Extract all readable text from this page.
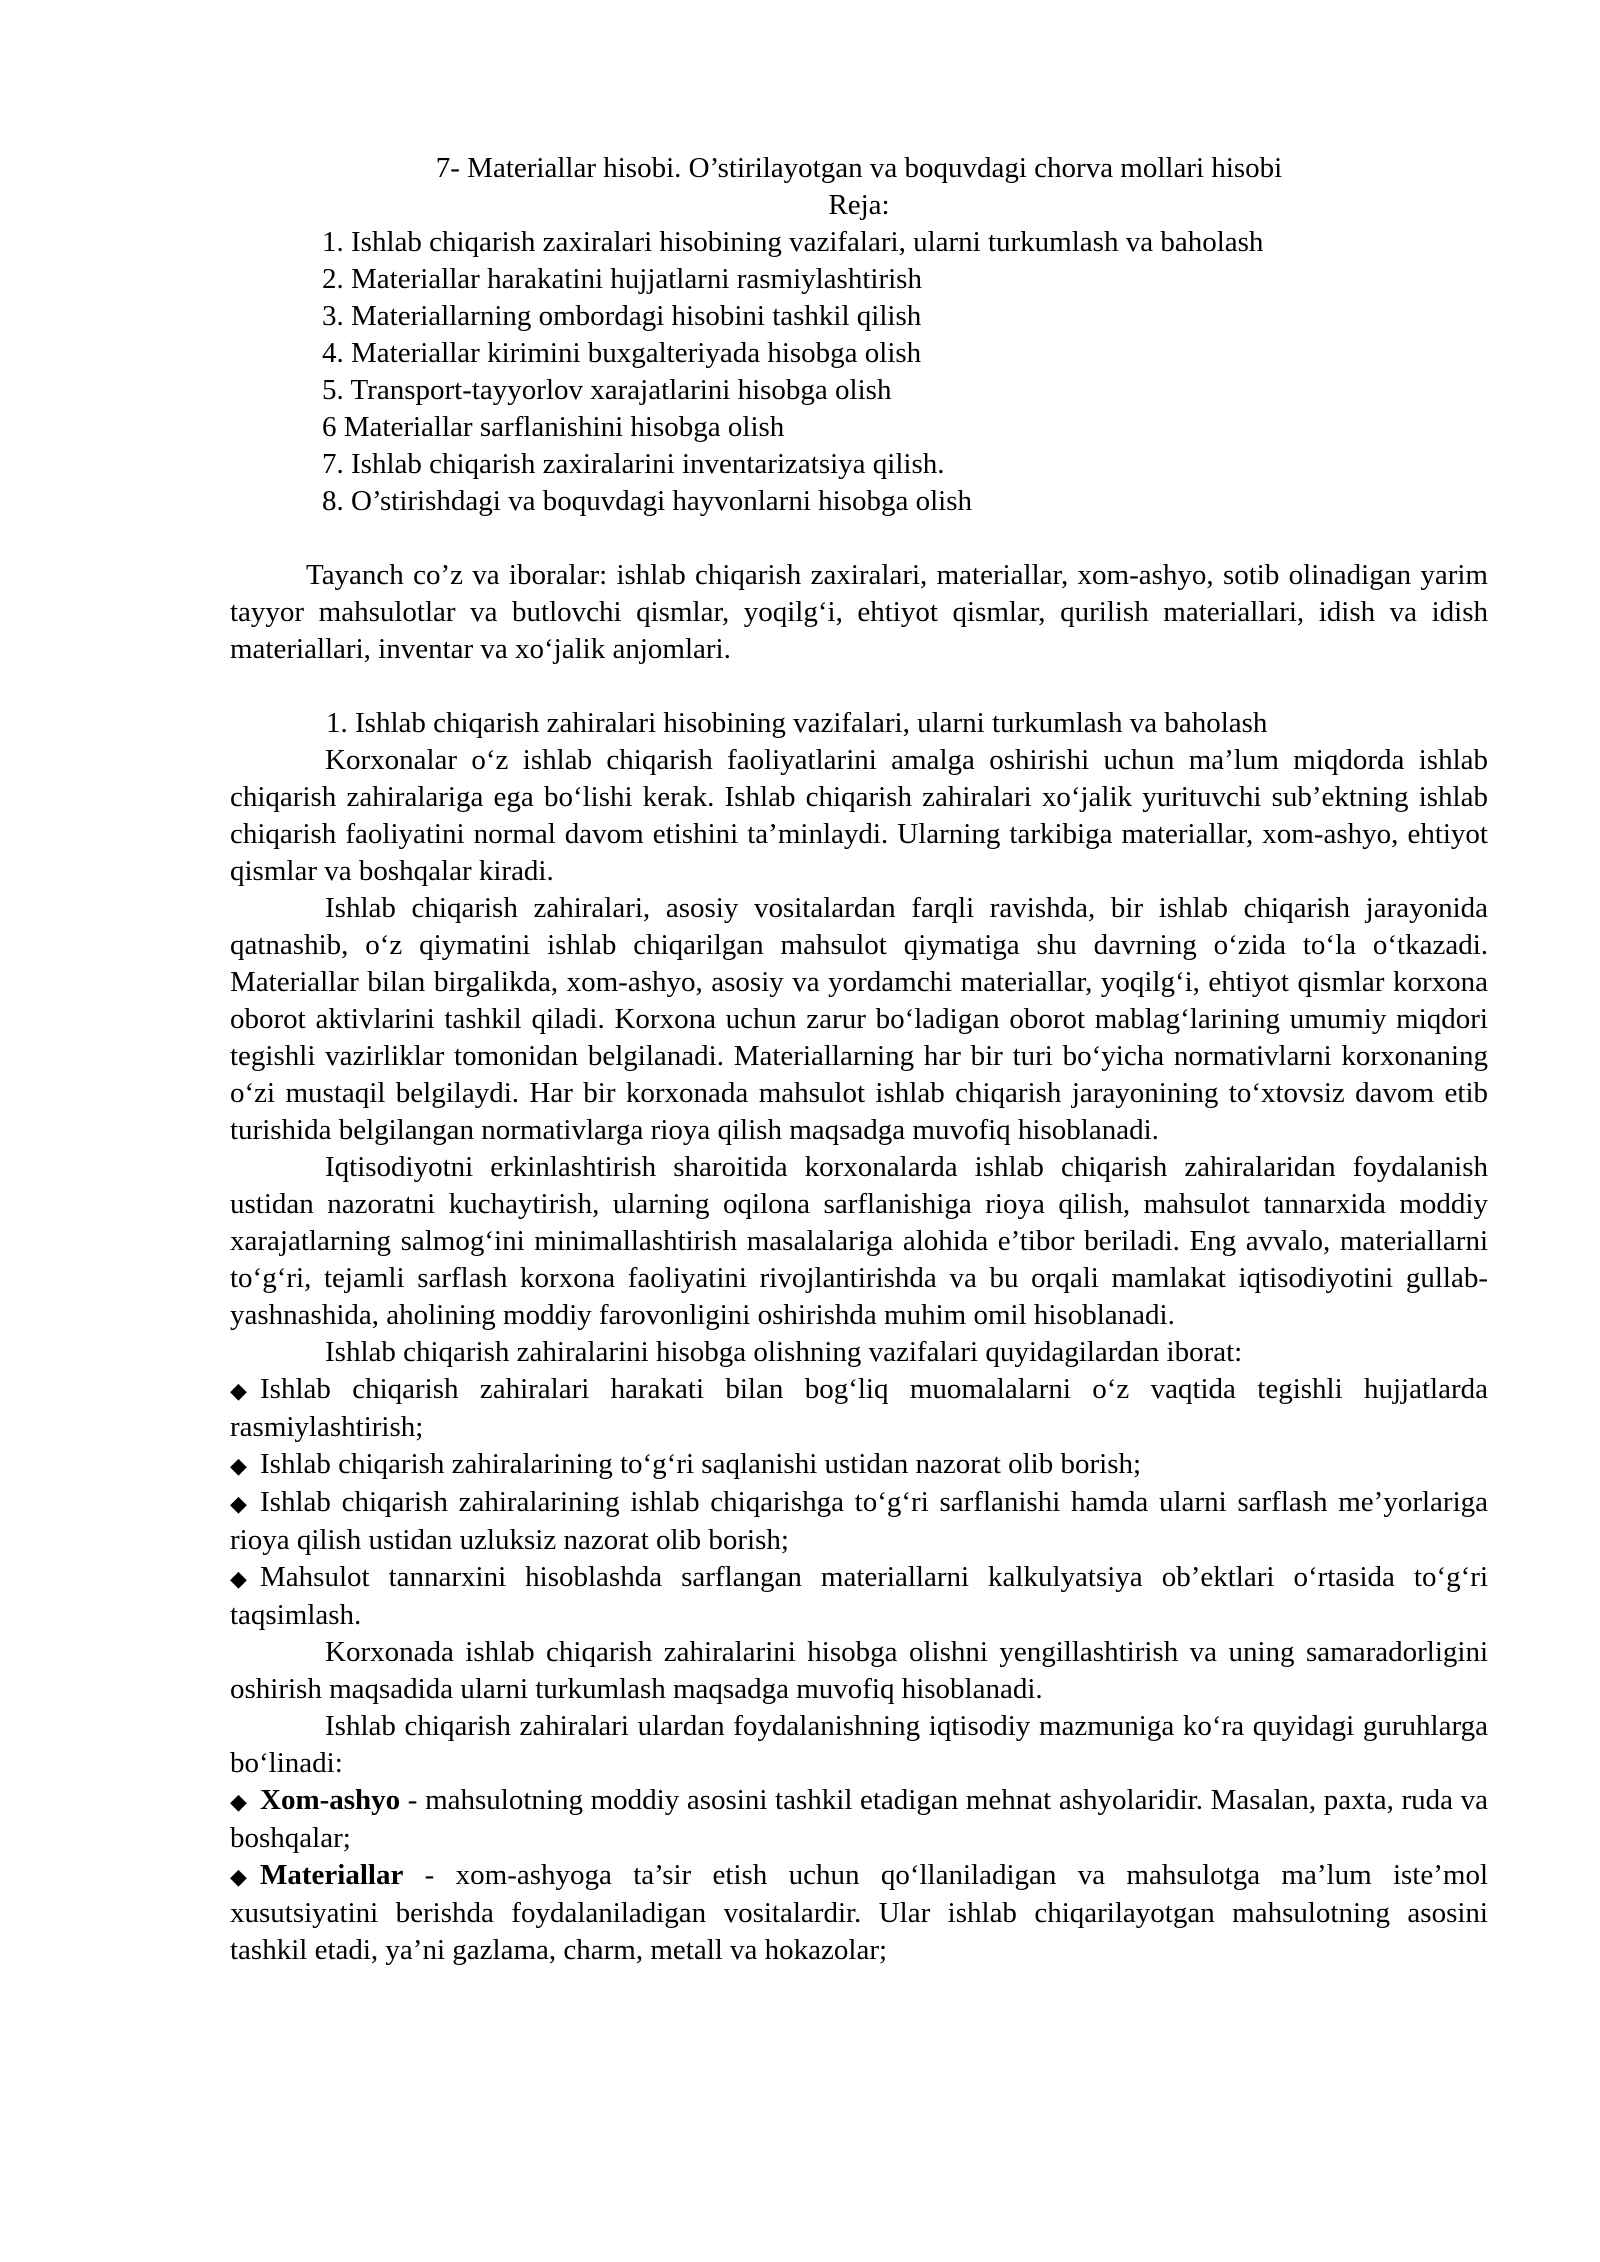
7- Materiallar hisobi. O’stirilayotgan va boquvdagi chorva mollari hisobi
Reja:
1. Ishlab chiqarish zaxiralari hisobining vazifalari, ularni turkumlash va baholash
2. Materiallar harakatini hujjatlarni rasmiylashtirish
3. Materiallarning ombordagi hisobini tashkil qilish
4. Materiallar kirimini buxgalteriyada hisobga olish
5. Transport-tayyorlov xarajatlarini hisobga olish
6 Materiallar sarflanishini hisobga olish
7. Ishlab chiqarish zaxiralarini inventarizatsiya qilish.
8. O’stirishdagi va boquvdagi hayvonlarni hisobga olish

Tayanch co’z va iboralar: ishlab chiqarish zaxiralari, materiallar, xom-ashyo, sotib olinadigan yarim tayyor mahsulotlar va butlovchi qismlar, yoqilg‘i, ehtiyot qismlar, qurilish materiallari, idish va idish materiallari, inventar va xo‘jalik anjomlari.

1. Ishlab chiqarish zahiralari hisobining vazifalari, ularni turkumlash va baholash

Korxonalar o‘z ishlab chiqarish faoliyatlarini amalga oshirishi uchun ma’lum miqdorda ishlab chiqarish zahiralariga ega bo‘lishi kerak. Ishlab chiqarish zahiralari xo‘jalik yurituvchi sub’ektning ishlab chiqarish faoliyatini normal davom etishini ta’minlaydi. Ularning tarkibiga materiallar, xom-ashyo, ehtiyot qismlar va boshqalar kiradi.

Ishlab chiqarish zahiralari, asosiy vositalardan farqli ravishda, bir ishlab chiqarish jarayonida qatnashib, o‘z qiymatini ishlab chiqarilgan mahsulot qiymatiga shu davrning o‘zida to‘la o‘tkazadi. Materiallar bilan birgalikda, xom-ashyo, asosiy va yordamchi materiallar, yoqilg‘i, ehtiyot qismlar korxona oborot aktivlarini tashkil qiladi. Korxona uchun zarur bo‘ladigan oborot mablag‘larining umumiy miqdori tegishli vazirliklar tomonidan belgilanadi. Materiallarning har bir turi bo‘yicha normativlarni korxonaning o‘zi mustaqil belgilaydi. Har bir korxonada mahsulot ishlab chiqarish jarayonining to‘xtovsiz davom etib turishida belgilangan normativlarga rioya qilish maqsadga muvofiq hisoblanadi.

Iqtisodiyotni erkinlashtirish sharoitida korxonalarda ishlab chiqarish zahiralaridan foydalanish ustidan nazoratni kuchaytirish, ularning oqilona sarflanishiga rioya qilish, mahsulot tannarxida moddiy xarajatlarning salmog‘ini minimallashtirish masalalariga alohida e’tibor beriladi. Eng avvalo, materiallarni to‘g‘ri, tejamli sarflash korxona faoliyatini rivojlantirishda va bu orqali mamlakat iqtisodiyotini gullab-yashnashida, aholining moddiy farovonligini oshirishda muhim omil hisoblanadi.

Ishlab chiqarish zahiralarini hisobga olishning vazifalari quyidagilardan iborat:

◆ Ishlab chiqarish zahiralari harakati bilan bog‘liq muomalalarni o‘z vaqtida tegishli hujjatlarda rasmiylashtirish;

◆ Ishlab chiqarish zahiralarining to‘g‘ri saqlanishi ustidan nazorat olib borish;

◆ Ishlab chiqarish zahiralarining ishlab chiqarishga to‘g‘ri sarflanishi hamda ularni sarflash me’yorlariga rioya qilish ustidan uzluksiz nazorat olib borish;

◆ Mahsulot tannarxini hisoblashda sarflangan materiallarni kalkulyatsiya ob’ektlari o‘rtasida to‘g‘ri taqsimlash.

Korxonada ishlab chiqarish zahiralarini hisobga olishni yengillashtirish va uning samaradorligini oshirish maqsadida ularni turkumlash maqsadga muvofiq hisoblanadi.

Ishlab chiqarish zahiralari ulardan foydalanishning iqtisodiy mazmuniga ko‘ra quyidagi guruhlarga bo‘linadi:

◆ Xom-ashyo - mahsulotning moddiy asosini tashkil etadigan mehnat ashyolaridir. Masalan, paxta, ruda va boshqalar;

◆ Materiallar - xom-ashyoga ta’sir etish uchun qo‘llaniladigan va mahsulotga ma’lum iste’mol xusutsiyatini berishda foydalaniladigan vositalardir. Ular ishlab chiqarilayotgan mahsulotning asosini tashkil etadi, ya’ni gazlama, charm, metall va hokazolar;
